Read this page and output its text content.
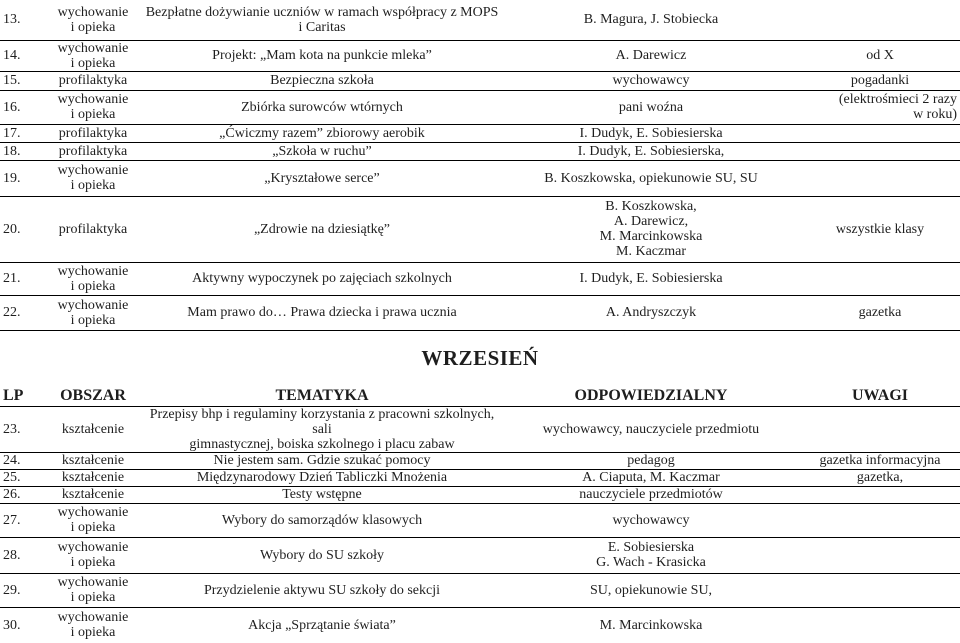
13.	wychowanie
i opieka	Bezpłatne dożywianie uczniów w ramach współpracy z MOPS i Caritas	B. Magura, J. Stobiecka	
14.	wychowanie
i opieka	Projekt: „Mam kota na punkcie mleka”	A. Darewicz	od X
15.	profilaktyka	Bezpieczna szkoła	wychowawcy	pogadanki
16.	wychowanie
i opieka	Zbiórka surowców wtórnych	pani woźna	(elektrośmieci 2 razy
w roku)
17.	profilaktyka	„Ćwiczmy razem” zbiorowy aerobik	I. Dudyk, E. Sobiesierska	
18.	profilaktyka	„Szkoła w ruchu”	I. Dudyk, E. Sobiesierska,	
19.	wychowanie
i opieka	„Kryształowe serce”	B. Koszkowska, opiekunowie SU, SU	
20.	profilaktyka	„Zdrowie na dziesiątkę”	B. Koszkowska,
A. Darewicz,
M. Marcinkowska
M. Kaczmar	wszystkie klasy
21.	wychowanie
i opieka	Aktywny wypoczynek po zajęciach szkolnych	I. Dudyk, E. Sobiesierska	
22.	wychowanie
i opieka	Mam prawo do… Prawa dziecka i prawa ucznia	A. Andryszczyk	gazetka
WRZESIEŃ
LP	OBSZAR	TEMATYKA	ODPOWIEDZIALNY	UWAGI
23.	kształcenie	Przepisy bhp i regulaminy korzystania z pracowni szkolnych, sali
gimnastycznej, boiska szkolnego i placu zabaw	wychowawcy, nauczyciele przedmiotu	
24.	kształcenie	Nie jestem sam. Gdzie szukać pomocy	pedagog	gazetka informacyjna
25.	kształcenie	Międzynarodowy Dzień Tabliczki Mnożenia	A. Ciaputa, M. Kaczmar	gazetka,
26.	kształcenie	Testy wstępne	nauczyciele przedmiotów	
27.	wychowanie
i opieka	Wybory do samorządów klasowych	wychowawcy	
28.	wychowanie
i opieka	Wybory do SU szkoły	E. Sobiesierska
G. Wach - Krasicka	
29.	wychowanie
i opieka	Przydzielenie aktywu SU szkoły do sekcji	SU, opiekunowie SU,	
30.	wychowanie
i opieka	Akcja „Sprzątanie świata”	M. Marcinkowska	
